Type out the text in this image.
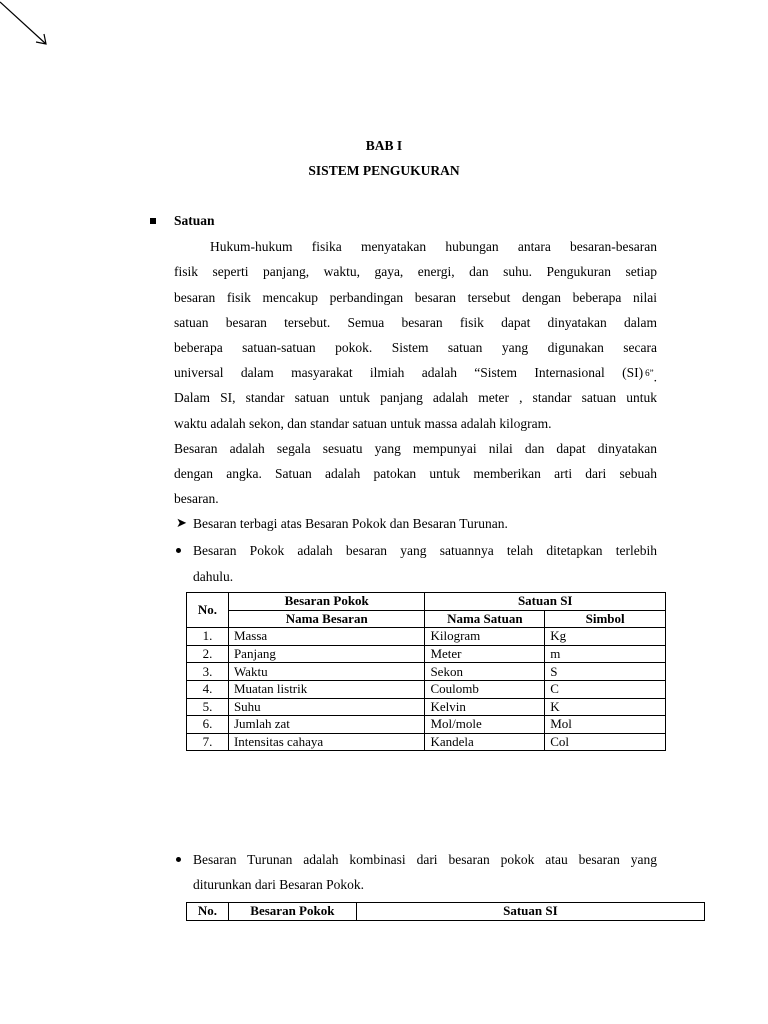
BAB I
SISTEM PENGUKURAN
Satuan
Hukum-hukum fisika menyatakan hubungan antara besaran-besaran
fisik seperti panjang, waktu, gaya, energi, dan suhu. Pengukuran setiap
besaran fisik mencakup perbandingan besaran tersebut dengan beberapa nilai
satuan besaran tersebut. Semua besaran fisik dapat dinyatakan dalam
beberapa satuan-satuan pokok. Sistem satuan yang digunakan secara
universal dalam masyarakat ilmiah adalah “Sistem Internasional (SI) $^{6”}$.
Dalam SI, standar satuan untuk panjang adalah meter , standar satuan untuk
waktu adalah sekon, dan standar satuan untuk massa adalah kilogram.
Besaran adalah segala sesuatu yang mempunyai nilai dan dapat dinyatakan
dengan angka. Satuan adalah patokan untuk memberikan arti dari sebuah
besaran.
➤ Besaran terbagi atas Besaran Pokok dan Besaran Turunan.
Besaran Pokok adalah besaran yang satuannya telah ditetapkan terlebih
dahulu.
No.	Besaran Pokok	Satuan SI	
	Nama Besaran	Nama Satuan	Simbol
1.	Massa	Kilogram	Kg
2.	Panjang	Meter	m
3.	Waktu	Sekon	S
4.	Muatan listrik	Coulomb	C
5.	Suhu	Kelvin	K
6.	Jumlah zat	Mol/mole	Mol
7.	Intensitas cahaya	Kandela	Col
Besaran Turunan adalah kombinasi dari besaran pokok atau besaran yang
diturunkan dari Besaran Pokok.
No.	Besaran Pokok	Satuan SI
